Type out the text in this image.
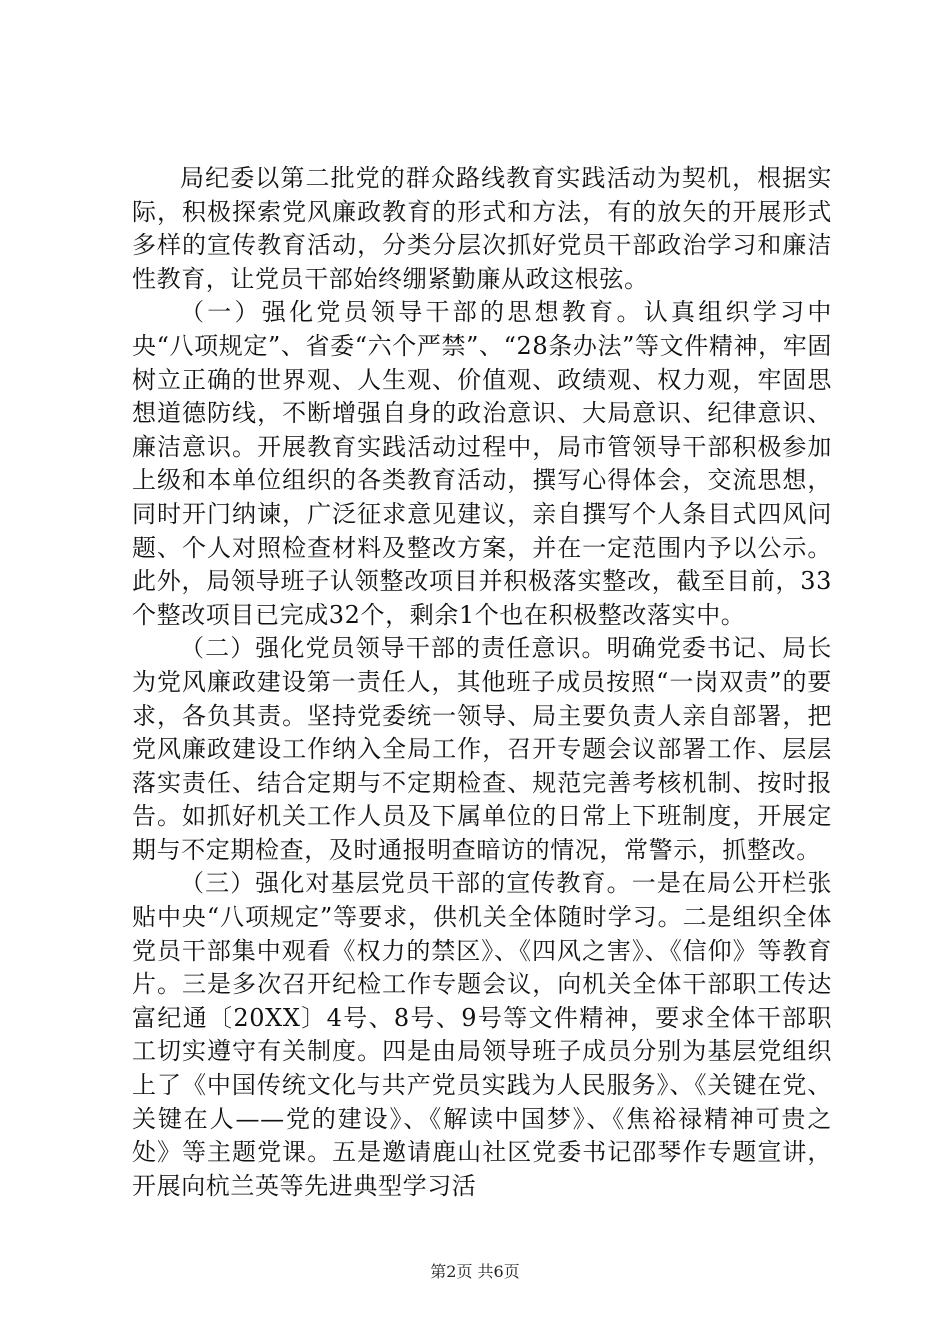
局纪委以第二批党的群众路线教育实践活动为契机，根据实际，积极探索党风廉政教育的形式和方法，有的放矢的开展形式多样的宣传教育活动，分类分层次抓好党员干部政治学习和廉洁性教育，让党员干部始终绷紧勤廉从政这根弦。

（一）强化党员领导干部的思想教育。认真组织学习中央“八项规定”、省委“六个严禁”、“28条办法”等文件精神，牢固树立正确的世界观、人生观、价值观、政绩观、权力观，牢固思想道德防线，不断增强自身的政治意识、大局意识、纪律意识、廉洁意识。开展教育实践活动过程中，局市管领导干部积极参加上级和本单位组织的各类教育活动，撰写心得体会，交流思想，同时开门纳谏，广泛征求意见建议，亲自撰写个人条目式四风问题、个人对照检查材料及整改方案，并在一定范围内予以公示。此外，局领导班子认领整改项目并积极落实整改，截至目前，33个整改项目已完成32个，剩余1个也在积极整改落实中。

（二）强化党员领导干部的责任意识。明确党委书记、局长为党风廉政建设第一责任人，其他班子成员按照“一岗双责”的要求，各负其责。坚持党委统一领导、局主要负责人亲自部署，把党风廉政建设工作纳入全局工作，召开专题会议部署工作、层层落实责任、结合定期与不定期检查、规范完善考核机制、按时报告。如抓好机关工作人员及下属单位的日常上下班制度，开展定期与不定期检查，及时通报明查暗访的情况，常警示，抓整改。

（三）强化对基层党员干部的宣传教育。一是在局公开栏张贴中央“八项规定”等要求，供机关全体随时学习。二是组织全体党员干部集中观看《权力的禁区》、《四风之害》、《信仰》等教育片。三是多次召开纪检工作专题会议，向机关全体干部职工传达富纪通〔20XX〕4号、8号、9号等文件精神，要求全体干部职工切实遵守有关制度。四是由局领导班子成员分别为基层党组织上了《中国传统文化与共产党员实践为人民服务》、《关键在党、关键在人——党的建设》、《解读中国梦》、《焦裕禄精神可贵之处》等主题党课。五是邀请鹿山社区党委书记邵琴作专题宣讲，开展向杭兰英等先进典型学习活

第2页 共6页
